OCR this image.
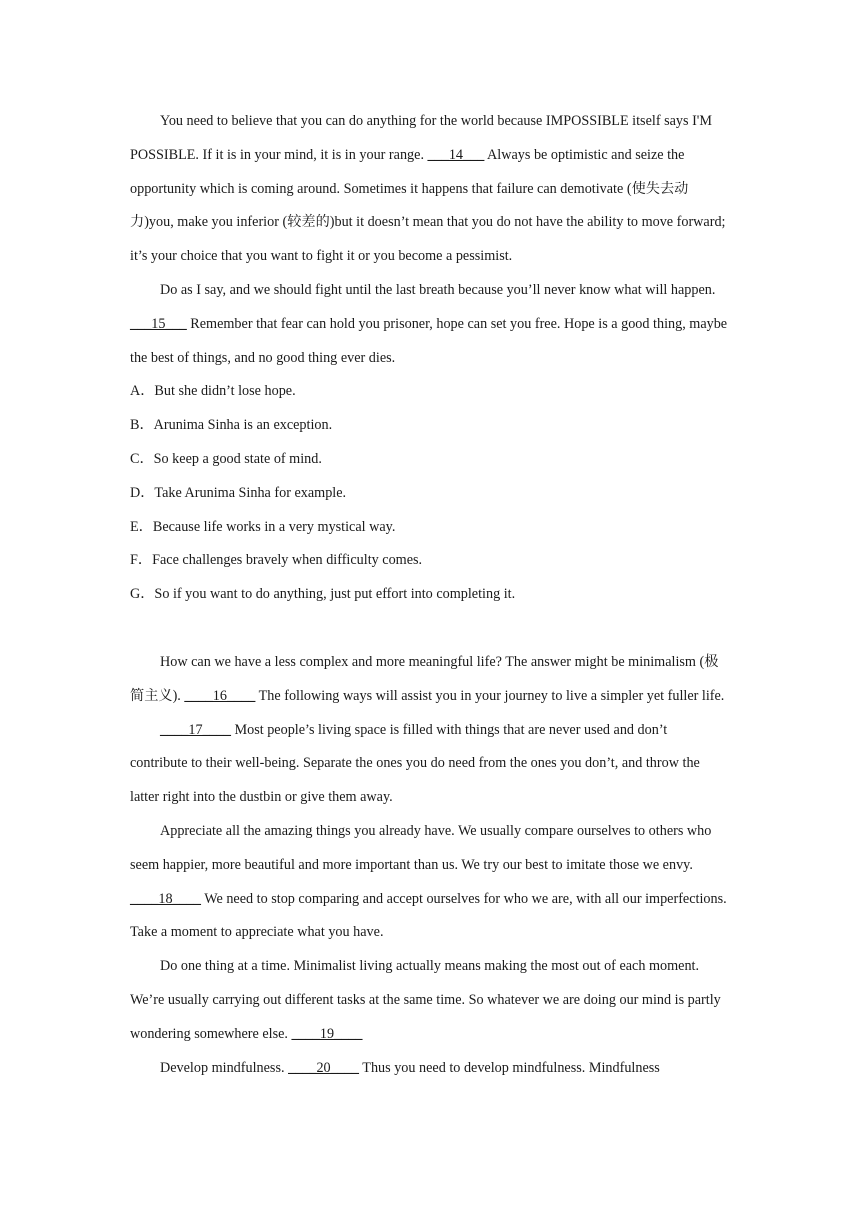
You need to believe that you can do anything for the world because IMPOSSIBLE itself says I'M POSSIBLE. If it is in your mind, it is in your range. ___14___ Always be optimistic and seize the opportunity which is coming around. Sometimes it happens that failure can demotivate (使失去动力)you, make you inferior (较差的)but it doesn’t mean that you do not have the ability to move forward; it’s your choice that you want to fight it or you become a pessimist.

Do as I say, and we should fight until the last breath because you’ll never know what will happen. ___15___ Remember that fear can hold you prisoner, hope can set you free. Hope is a good thing, maybe the best of things, and no good thing ever dies.

A．But she didn’t lose hope.

B．Arunima Sinha is an exception.

C．So keep a good state of mind.

D．Take Arunima Sinha for example.

E．Because life works in a very mystical way.

F．Face challenges bravely when difficulty comes.

G．So if you want to do anything, just put effort into completing it.

How can we have a less complex and more meaningful life? The answer might be minimalism (极简主义). ____16____ The following ways will assist you in your journey to live a simpler yet fuller life.

____17____ Most people’s living space is filled with things that are never used and don’t contribute to their well-being. Separate the ones you do need from the ones you don’t, and throw the latter right into the dustbin or give them away.

Appreciate all the amazing things you already have. We usually compare ourselves to others who seem happier, more beautiful and more important than us. We try our best to imitate those we envy. ____18____ We need to stop comparing and accept ourselves for who we are, with all our imperfections. Take a moment to appreciate what you have.

Do one thing at a time. Minimalist living actually means making the most out of each moment. We’re usually carrying out different tasks at the same time. So whatever we are doing our mind is partly wondering somewhere else. ____19____

Develop mindfulness. ____20____ Thus you need to develop mindfulness. Mindfulness
